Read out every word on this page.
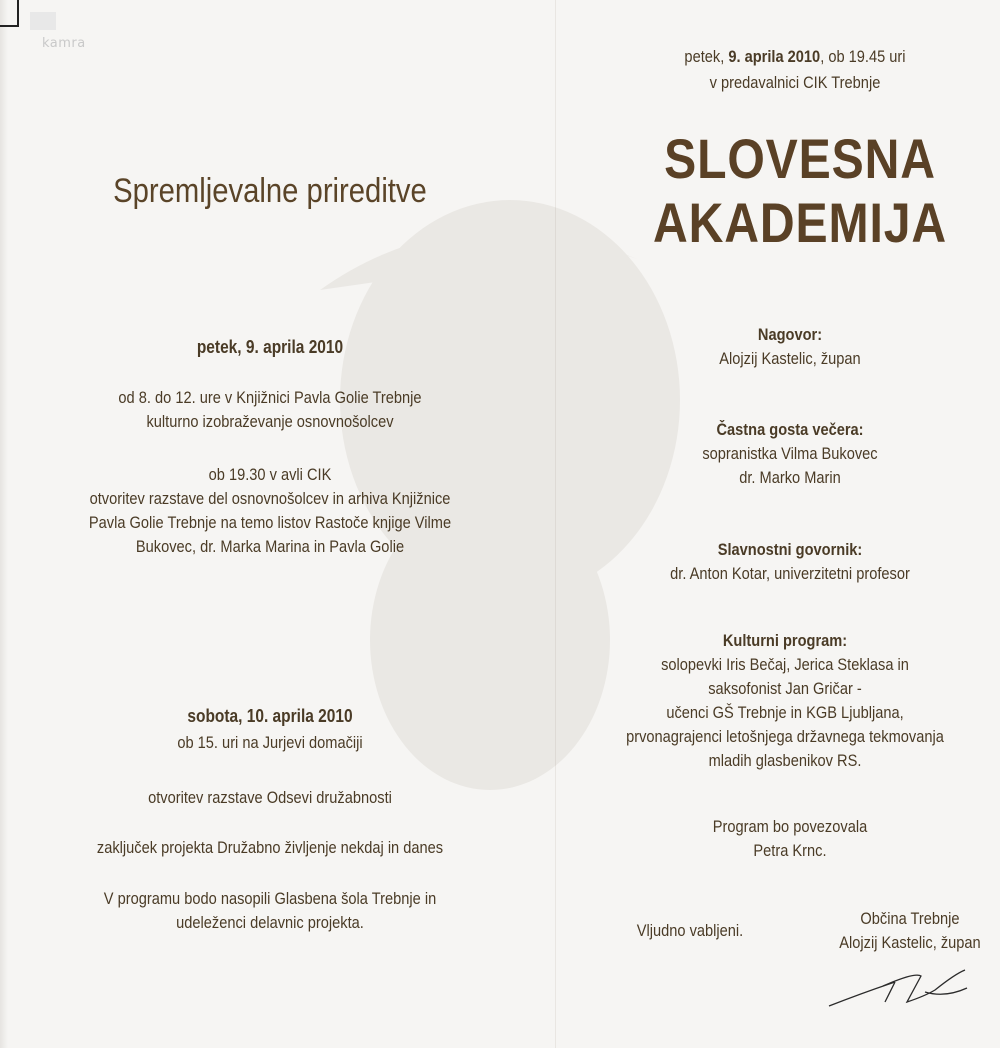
kamra
Spremljevalne prireditve
petek, 9. aprila 2010
od 8. do 12. ure v Knjižnici Pavla Golie Trebnje
kulturno izobraževanje osnovnošolcev
ob 19.30 v avli CIK
otvoritev razstave del osnovnošolcev in arhiva Knjižnice
Pavla Golie Trebnje na temo listov Rastoče knjige Vilme
Bukovec, dr. Marka Marina in Pavla Golie
sobota, 10. aprila 2010
ob 15. uri na Jurjevi domačiji
otvoritev razstave Odsevi družabnosti
zaključek projekta Družabno življenje nekdaj in danes
V programu bodo nasopili Glasbena šola Trebnje in
udeleženci delavnic projekta.
petek, 9. aprila 2010, ob 19.45 uri
v predavalnici CIK Trebnje
SLOVESNA
AKADEMIJA
Nagovor:
Alojzij Kastelic, župan
Častna gosta večera:
sopranistka Vilma Bukovec
dr. Marko Marin
Slavnostni govornik:
dr. Anton Kotar, univerzitetni profesor
Kulturni program:
solopevki Iris Bečaj, Jerica Steklasa in
saksofonist Jan Gričar -
učenci GŠ Trebnje in KGB Ljubljana,
prvonagrajenci letošnjega državnega tekmovanja
mladih glasbenikov RS.
Program bo povezovala
Petra Krnc.
Vljudno vabljeni.
Občina Trebnje
Alojzij Kastelic, župan
